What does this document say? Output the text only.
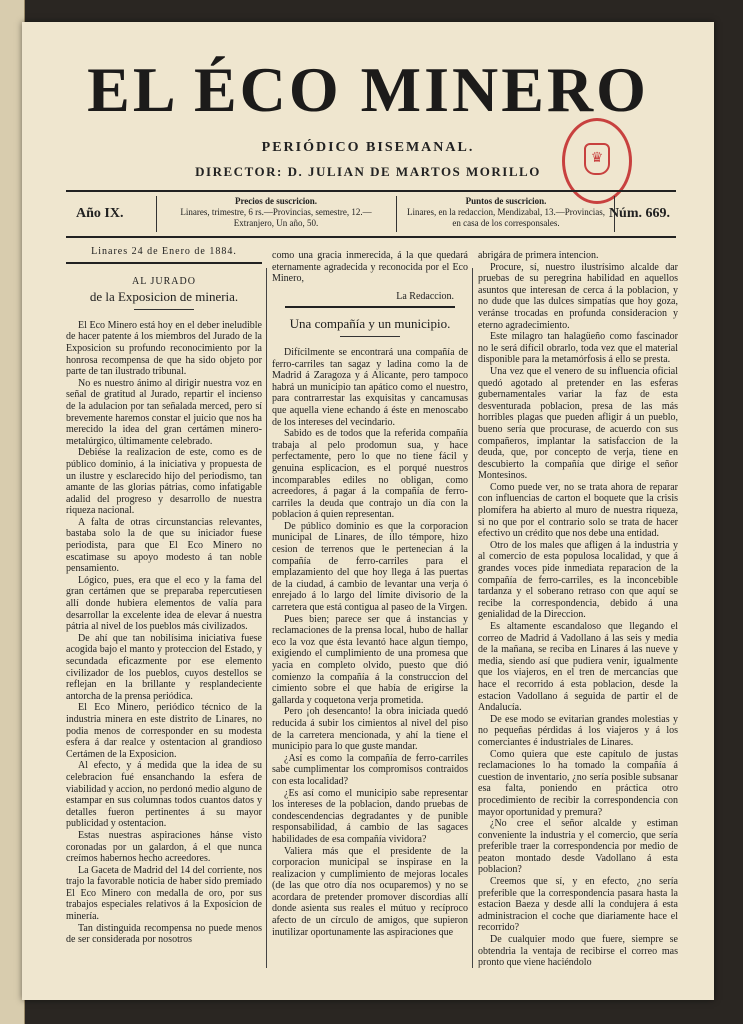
EL ÉCO MINERO
PERIÓDICO BISEMANAL.
DIRECTOR: D. JULIAN DE MARTOS MORILLO
♛
Año IX.
Precios de suscricion.
Linares, trimestre, 6 rs.—Provincias, semestre, 12.—Extranjero, Un año, 50.
Puntos de suscricion.
Linares, en la redaccion, Mendizabal, 13.—Provincias, en casa de los corresponsales.
Núm. 669.

Linares 24 de Enero de 1884.

AL JURADO

de la Exposicion de mineria.

El Eco Minero está hoy en el deber ineludible de hacer patente á los miembros del Jurado de la Exposicion su profundo reconocimiento por la honrosa recompensa de que ha sido objeto por parte de tan ilustrado tribunal.

No es nuestro ánimo al dirigir nuestra voz en señal de gratitud al Jurado, repartir el incienso de la adulacion por tan señalada merced, pero sí brevemente haremos constar el juicio que nos ha merecido la idea del gran certámen minero-metalúrgico, últimamente celebrado.

Debiése la realizacion de este, como es de público dominio, á la iniciativa y propuesta de un ilustre y esclarecido hijo del periodismo, tan amante de las glorias pátrias, como infatigable adalid del progreso y desarrollo de nuestra riqueza nacional.

A falta de otras circunstancias relevantes, bastaba solo la de que su iniciador fuese periodista, para que El Eco Minero no escatimase su apoyo modesto á tan noble pensamiento.

Lógico, pues, era que el eco y la fama del gran certámen que se preparaba repercutiesen allí donde hubiera elementos de valía para desarrollar la excelente idea de elevar á nuestra pátria al nivel de los pueblos más civilizados.

De ahí que tan nobilísima iniciativa fuese acogida bajo el manto y proteccion del Estado, y secundada eficazmente por ese elemento civilizador de los pueblos, cuyos destellos se reflejan en la brillante y resplandeciente antorcha de la prensa periódica.

El Eco Minero, periódico técnico de la industria minera en este distrito de Linares, no podia menos de corresponder en su modesta esfera á dar realce y ostentacion al grandioso Certámen de la Exposicion.

Al efecto, y á medida que la idea de su celebracion fué ensanchando la esfera de viabilidad y accion, no perdonó medio alguno de estampar en sus columnas todos cuantos datos y detalles fueron pertinentes á su mayor publicidad y ostentacion.

Estas nuestras aspiraciones hánse visto coronadas por un galardon, á el que nunca creímos habernos hecho acreedores.

La Gaceta de Madrid del 14 del corriente, nos trajo la favorable noticia de haber sido premiado El Eco Minero con medalla de oro, por sus trabajos especiales relativos á la Exposicion de minería.

Tan distinguida recompensa no puede menos de ser considerada por nosotros

como una gracia inmerecida, á la que quedará eternamente agradecida y reconocida por el Eco Minero,

La Redaccion.

Una compañía y un municipio.

Difícilmente se encontrará una compañía de ferro-carriles tan sagaz y ladina como la de Madrid á Zaragoza y á Alicante, pero tampoco habrá un municipio tan apático como el nuestro, para contrarrestar las exquisitas y cancamusas que aquella viene echando á éste en menoscabo de los intereses del vecindario.

Sabido es de todos que la referida compañía trabaja al pelo prodomun sua, y hace perfectamente, pero lo que no tiene fácil y genuina esplicacion, es el porqué nuestros incomparables ediles no obligan, como acreedores, á pagar á la compañía de ferro-carriles la deuda que contrajo un día con la poblacion á quien representan.

De público dominio es que la corporacion municipal de Linares, de illo témpore, hizo cesion de terrenos que le pertenecian á la compañía de ferro-carriles para el emplazamiento del que hoy llega á las puertas de la ciudad, á cambio de levantar una verja ó enrejado á lo largo del límite divisorio de la carretera que está contigua al paseo de la Virgen.

Pues bien; parece ser que á instancias y reclamaciones de la prensa local, hubo de hallar eco la voz que ésta levantó hace algun tiempo, exigiendo el cumplimiento de una promesa que yacia en completo olvido, puesto que dió comienzo la compañía á la construccion del cimiento sobre el que había de erigirse la gallarda y coquetona verja prometida.

Pero ¡oh desencanto! la obra iniciada quedó reducida á subir los cimientos al nivel del piso de la carretera mencionada, y ahí la tiene el municipio para lo que guste mandar.

¿Así es como la compañía de ferro-carriles sabe cumplimentar los compromisos contraidos con esta localidad?

¿Es así como el municipio sabe representar los intereses de la poblacion, dando pruebas de condescendencias degradantes y de punible responsabilidad, á cambio de las sagaces habilidades de esa compañía vividora?

Valiera más que el presidente de la corporacion municipal se inspirase en la realizacion y cumplimiento de mejoras locales (de las que otro día nos ocuparemos) y no se acordara de pretender promover discordias allí donde asienta sus reales el mútuo y recíproco afecto de un círculo de amigos, que supieron inutilizar oportunamente las aspiraciones que

abrigára de primera intencion.

Procure, sí, nuestro ilustrísimo alcalde dar pruebas de su peregrina habilidad en aquellos asuntos que interesan de cerca á la poblacion, y no dude que las dulces simpatías que hoy goza, veránse trocadas en profunda consideracion y eterno agradecimiento.

Este milagro tan halagüeño como fascinador no le será difícil obrarlo, toda vez que el material disponible para la metamórfosis á ello se presta.

Una vez que el venero de su influencia oficial quedó agotado al pretender en las esferas gubernamentales variar la faz de esta desventurada poblacion, presa de las más horribles plagas que pueden afligir á un pueblo, bueno sería que procurase, de acuerdo con sus compañeros, implantar la satisfaccion de la deuda, que, por concepto de verja, tiene en descubierto la compañía que dirige el señor Montesinos.

Como puede ver, no se trata ahora de reparar con influencias de carton el boquete que la crisis plomífera ha abierto al muro de nuestra riqueza, si no que por el contrario solo se trata de hacer efectivo un crédito que nos debe una entidad.

Otro de los males que afligen á la industria y al comercio de esta populosa localidad, y que á grandes voces pide inmediata reparacion de la compañía de ferro-carriles, es la inconcebible tardanza y el soberano retraso con que aquí se recibe la correspondencia, debido á una genialidad de la Direccion.

Es altamente escandaloso que llegando el correo de Madrid á Vadollano á las seis y media de la mañana, se reciba en Linares á las nueve y media, siendo así que pudiera venir, igualmente que los viajeros, en el tren de mercancías que hace el recorrido á esta poblacion, desde la estacion Vadollano á seguida de partir el de Andalucía.

De ese modo se evitarian grandes molestias y no pequeñas pérdidas á los viajeros y á los comerciantes é industriales de Linares.

Como quiera que este capítulo de justas reclamaciones lo ha tomado la compañía á cuestion de inventario, ¿no sería posible subsanar esa falta, poniendo en práctica otro procedimiento de recibir la correspondencia con mayor oportunidad y premura?

¿No cree el señor alcalde y estiman conveniente la industria y el comercio, que sería preferible traer la correspondencia por medio de peaton montado desde Vadollano á esta poblacion?

Creemos que sí, y en efecto, ¿no sería preferible que la correspondencia pasara hasta la estacion Baeza y desde allí la condujera á esta administracion el coche que diariamente hace el recorrido?

De cualquier modo que fuere, siempre se obtendria la ventaja de recibirse el correo mas pronto que viene haciéndolo
